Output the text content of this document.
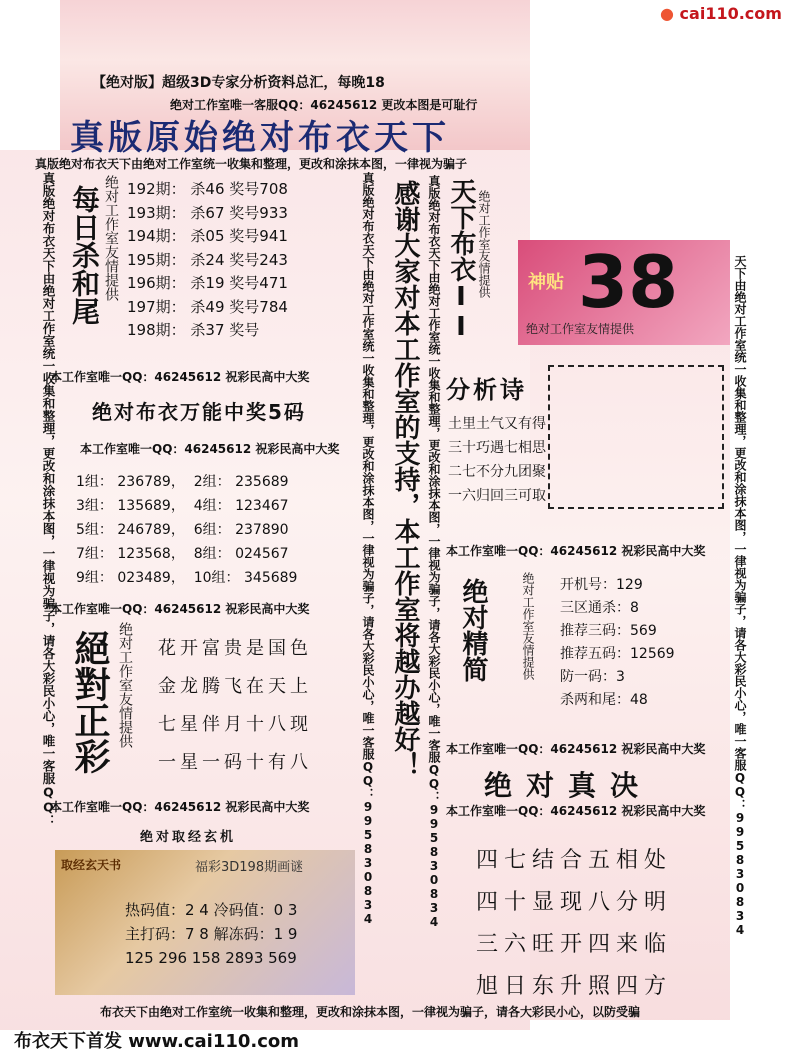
● cai110.com
【绝对版】超级3D专家分析资料总汇，每晚18
绝对工作室唯一客服QQ：46245612 更改本图是可耻行
真版原始绝对布衣天下
真版绝对布衣天下由绝对工作室统一收集和整理，更改和涂抹本图，一律视为骗子
真版绝对布衣天下由绝对工作室统一收集和整理，更改和涂抹本图，一律视为骗子，请各大彩民小心，唯一客服QQ： 每日杀和尾 绝对工作室友情提供 192期： 杀46 奖号708
193期： 杀67 奖号933
194期： 杀05 奖号941
195期： 杀24 奖号243
196期： 杀19 奖号471
197期： 杀49 奖号784
198期： 杀37 奖号
本工作室唯一QQ：46245612 祝彩民高中大奖
绝对布衣万能中奖5码
本工作室唯一QQ：46245612 祝彩民高中大奖
1组： 236789， 2组： 235689
3组： 135689， 4组： 123467
5组： 246789， 6组： 237890
7组： 123568， 8组： 024567
9组： 023489， 10组： 345689
本工作室唯一QQ：46245612 祝彩民高中大奖
絕對正彩 绝对工作室友情提供 花开富贵是国色
金龙腾飞在天上
七星伴月十八现
一星一码十有八
本工作室唯一QQ：46245612 祝彩民高中大奖
绝对取经玄机
取经玄天书	福彩3D198期画谜
热码值：2 4 冷码值：0 3
主打码：7 8 解冻码：1 9
125 296 158 2893 569
真版绝对布衣天下由绝对工作室统一收集和整理，更改和涂抹本图，一律视为骗子，请各大彩民小心，唯一客服QQ：995830834	真版绝对布衣天下由绝对工作室统一收集和整理，更改和涂抹本图，一律视为骗子，请各大彩民小心，唯一客服QQ：995830834
感谢大家对本工作室的支持，本工作室将越办越好！ 天下布衣II 绝对工作室友情提供 神贴 38
绝对工作室友情提供
分析诗
土里土气又有得
三十巧遇七相思
二七不分九团聚
一六归回三可取
本工作室唯一QQ：46245612 祝彩民高中大奖
绝对精简	绝对工作室友情提供 开机号：129
三区通杀：8
推荐三码：569
推荐五码：12569
防一码：3
杀两和尾：48
本工作室唯一QQ：46245612 祝彩民高中大奖
绝对真决
本工作室唯一QQ：46245612 祝彩民高中大奖
四七结合五相处
四十显现八分明
三六旺开四来临
旭日东升照四方
天下由绝对工作室统一收集和整理，更改和涂抹本图，一律视为骗子，请各大彩民小心，唯一客服QQ：995830834
布衣天下由绝对工作室统一收集和整理，更改和涂抹本图，一律视为骗子，请各大彩民小心，以防受骗
布衣天下首发 www.cai110.com
